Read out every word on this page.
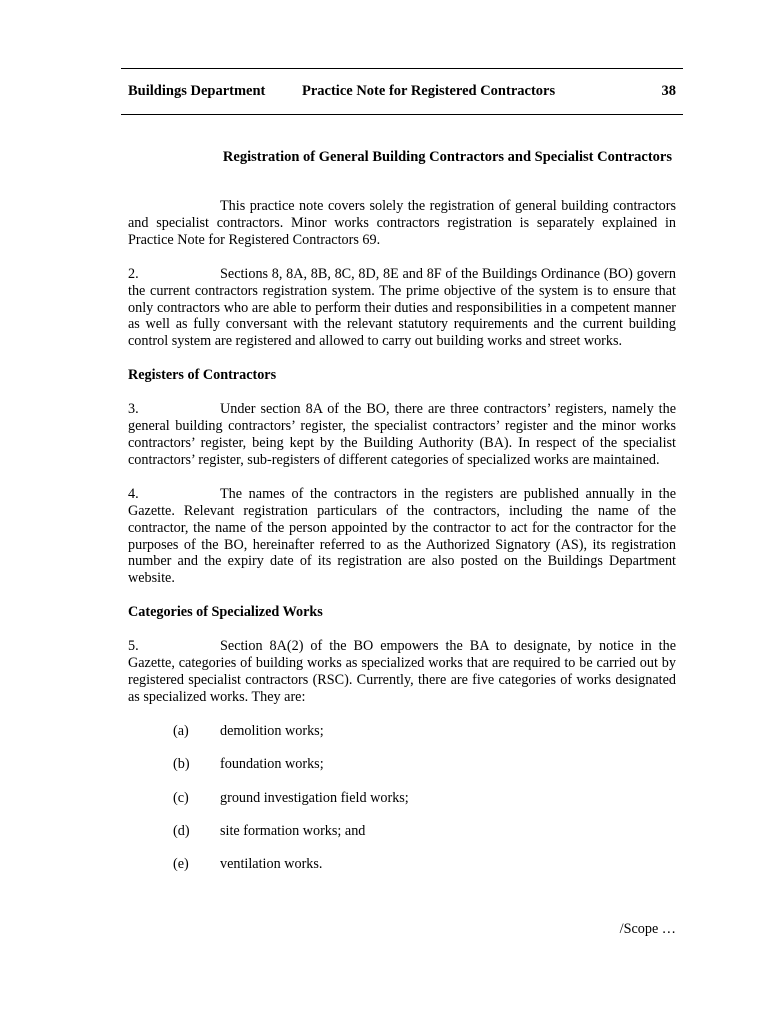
Buildings Department	Practice Note for Registered Contractors	38
Registration of General Building Contractors and Specialist Contractors

This practice note covers solely the registration of general building contractors and specialist contractors. Minor works contractors registration is separately explained in Practice Note for Registered Contractors 69.

2.	Sections 8, 8A, 8B, 8C, 8D, 8E and 8F of the Buildings Ordinance (BO) govern the current contractors registration system. The prime objective of the system is to ensure that only contractors who are able to perform their duties and responsibilities in a competent manner as well as fully conversant with the relevant statutory requirements and the current building control system are registered and allowed to carry out building works and street works.

Registers of Contractors

3.	Under section 8A of the BO, there are three contractors’ registers, namely the general building contractors’ register, the specialist contractors’ register and the minor works contractors’ register, being kept by the Building Authority (BA). In respect of the specialist contractors’ register, sub-registers of different categories of specialized works are maintained.

4.	The names of the contractors in the registers are published annually in the Gazette. Relevant registration particulars of the contractors, including the name of the contractor, the name of the person appointed by the contractor to act for the contractor for the purposes of the BO, hereinafter referred to as the Authorized Signatory (AS), its registration number and the expiry date of its registration are also posted on the Buildings Department website.

Categories of Specialized Works

5.	Section 8A(2) of the BO empowers the BA to designate, by notice in the Gazette, categories of building works as specialized works that are required to be carried out by registered specialist contractors (RSC). Currently, there are five categories of works designated as specialized works. They are:

(a) demolition works;
(b) foundation works;
(c) ground investigation field works;
(d) site formation works; and
(e) ventilation works.
/Scope …
